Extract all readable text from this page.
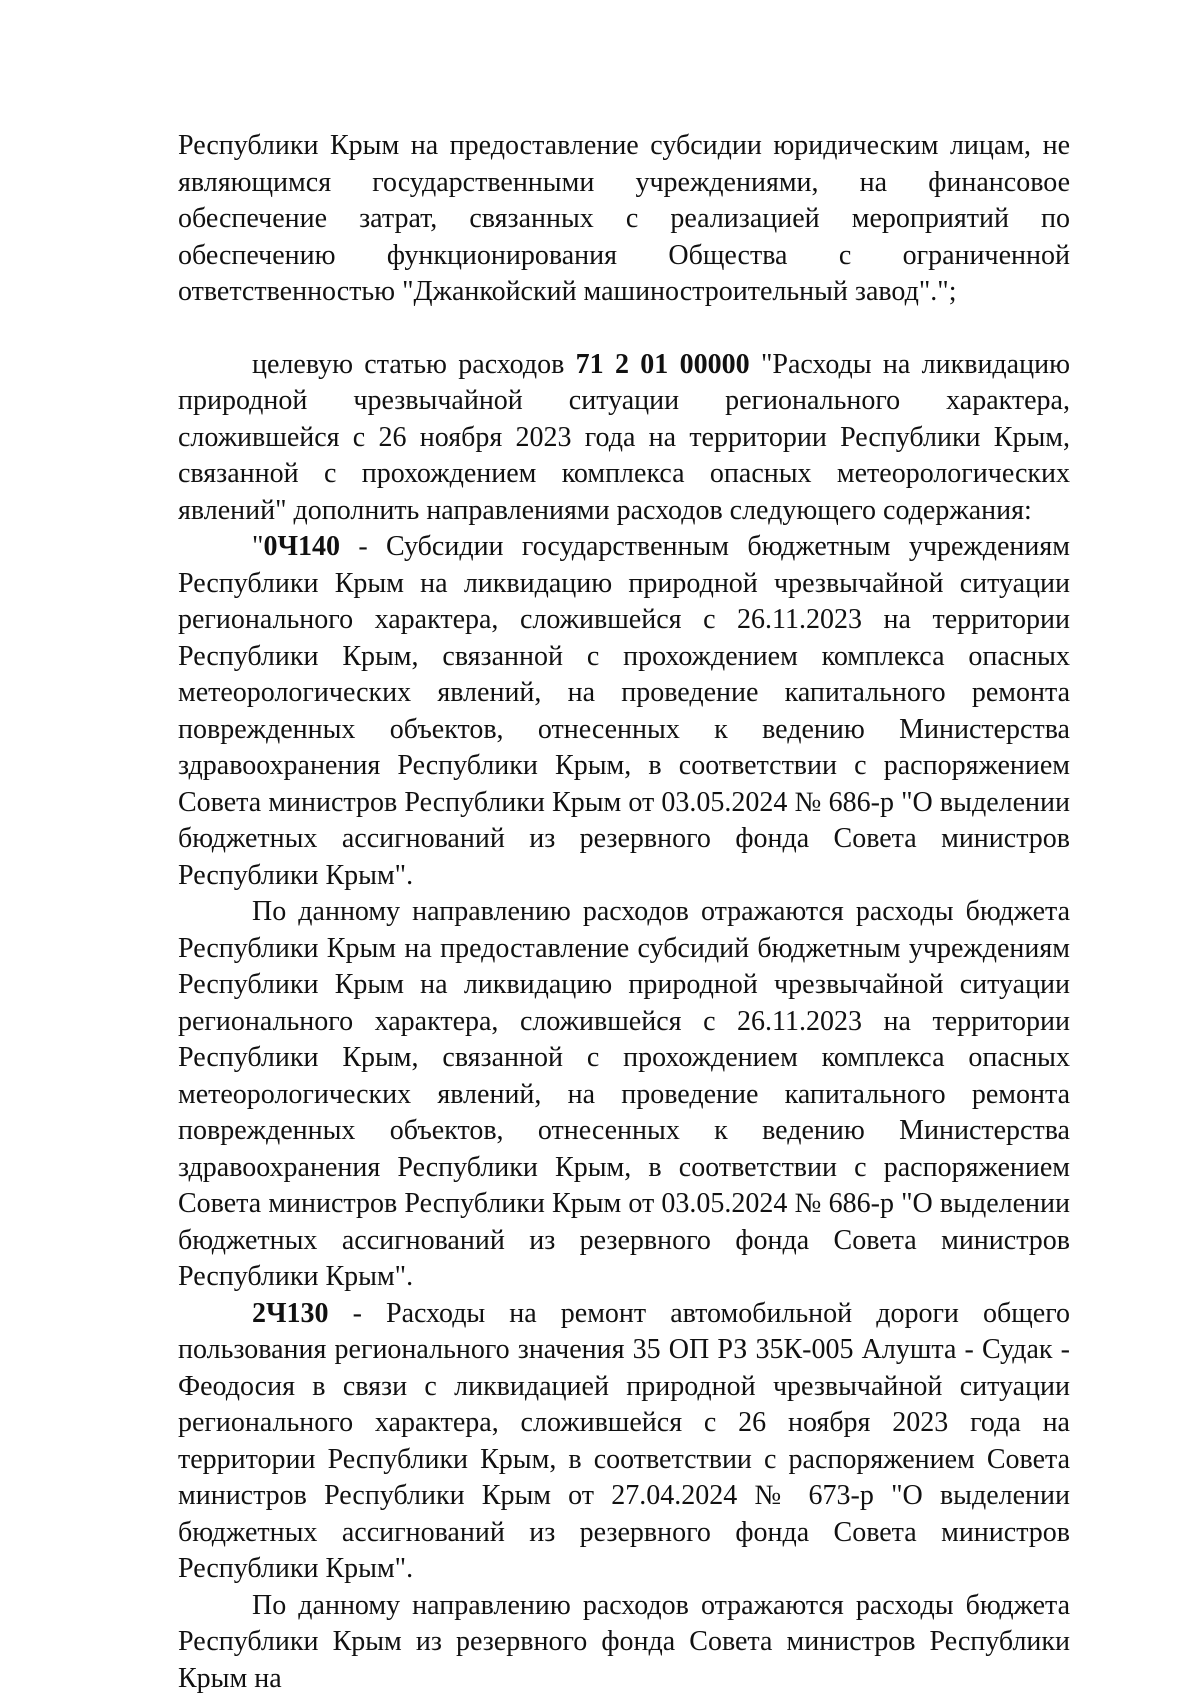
Республики Крым на предоставление субсидии юридическим лицам, не являющимся государственными учреждениями, на финансовое обеспечение затрат, связанных с реализацией мероприятий по обеспечению функционирования Общества с ограниченной ответственностью "Джанкойский машиностроительный завод".";

целевую статью расходов 71 2 01 00000 "Расходы на ликвидацию природной чрезвычайной ситуации регионального характера, сложившейся с 26 ноября 2023 года на территории Республики Крым, связанной с прохождением комплекса опасных метеорологических явлений" дополнить направлениями расходов следующего содержания:

"0Ч140 - Субсидии государственным бюджетным учреждениям Республики Крым на ликвидацию природной чрезвычайной ситуации регионального характера, сложившейся с 26.11.2023 на территории Республики Крым, связанной с прохождением комплекса опасных метеорологических явлений, на проведение капитального ремонта поврежденных объектов, отнесенных к ведению Министерства здравоохранения Республики Крым, в соответствии с распоряжением Совета министров Республики Крым от 03.05.2024 № 686-р "О выделении бюджетных ассигнований из резервного фонда Совета министров Республики Крым".

По данному направлению расходов отражаются расходы бюджета Республики Крым на предоставление субсидий бюджетным учреждениям Республики Крым на ликвидацию природной чрезвычайной ситуации регионального характера, сложившейся с 26.11.2023 на территории Республики Крым, связанной с прохождением комплекса опасных метеорологических явлений, на проведение капитального ремонта поврежденных объектов, отнесенных к ведению Министерства здравоохранения Республики Крым, в соответствии с распоряжением Совета министров Республики Крым от 03.05.2024 № 686-р "О выделении бюджетных ассигнований из резервного фонда Совета министров Республики Крым".

2Ч130 - Расходы на ремонт автомобильной дороги общего пользования регионального значения 35 ОП РЗ 35К-005 Алушта - Судак - Феодосия в связи с ликвидацией природной чрезвычайной ситуации регионального характера, сложившейся с 26 ноября 2023 года на территории Республики Крым, в соответствии с распоряжением Совета министров Республики Крым от 27.04.2024 № 673-р "О выделении бюджетных ассигнований из резервного фонда Совета министров Республики Крым".

По данному направлению расходов отражаются расходы бюджета Республики Крым из резервного фонда Совета министров Республики Крым на
